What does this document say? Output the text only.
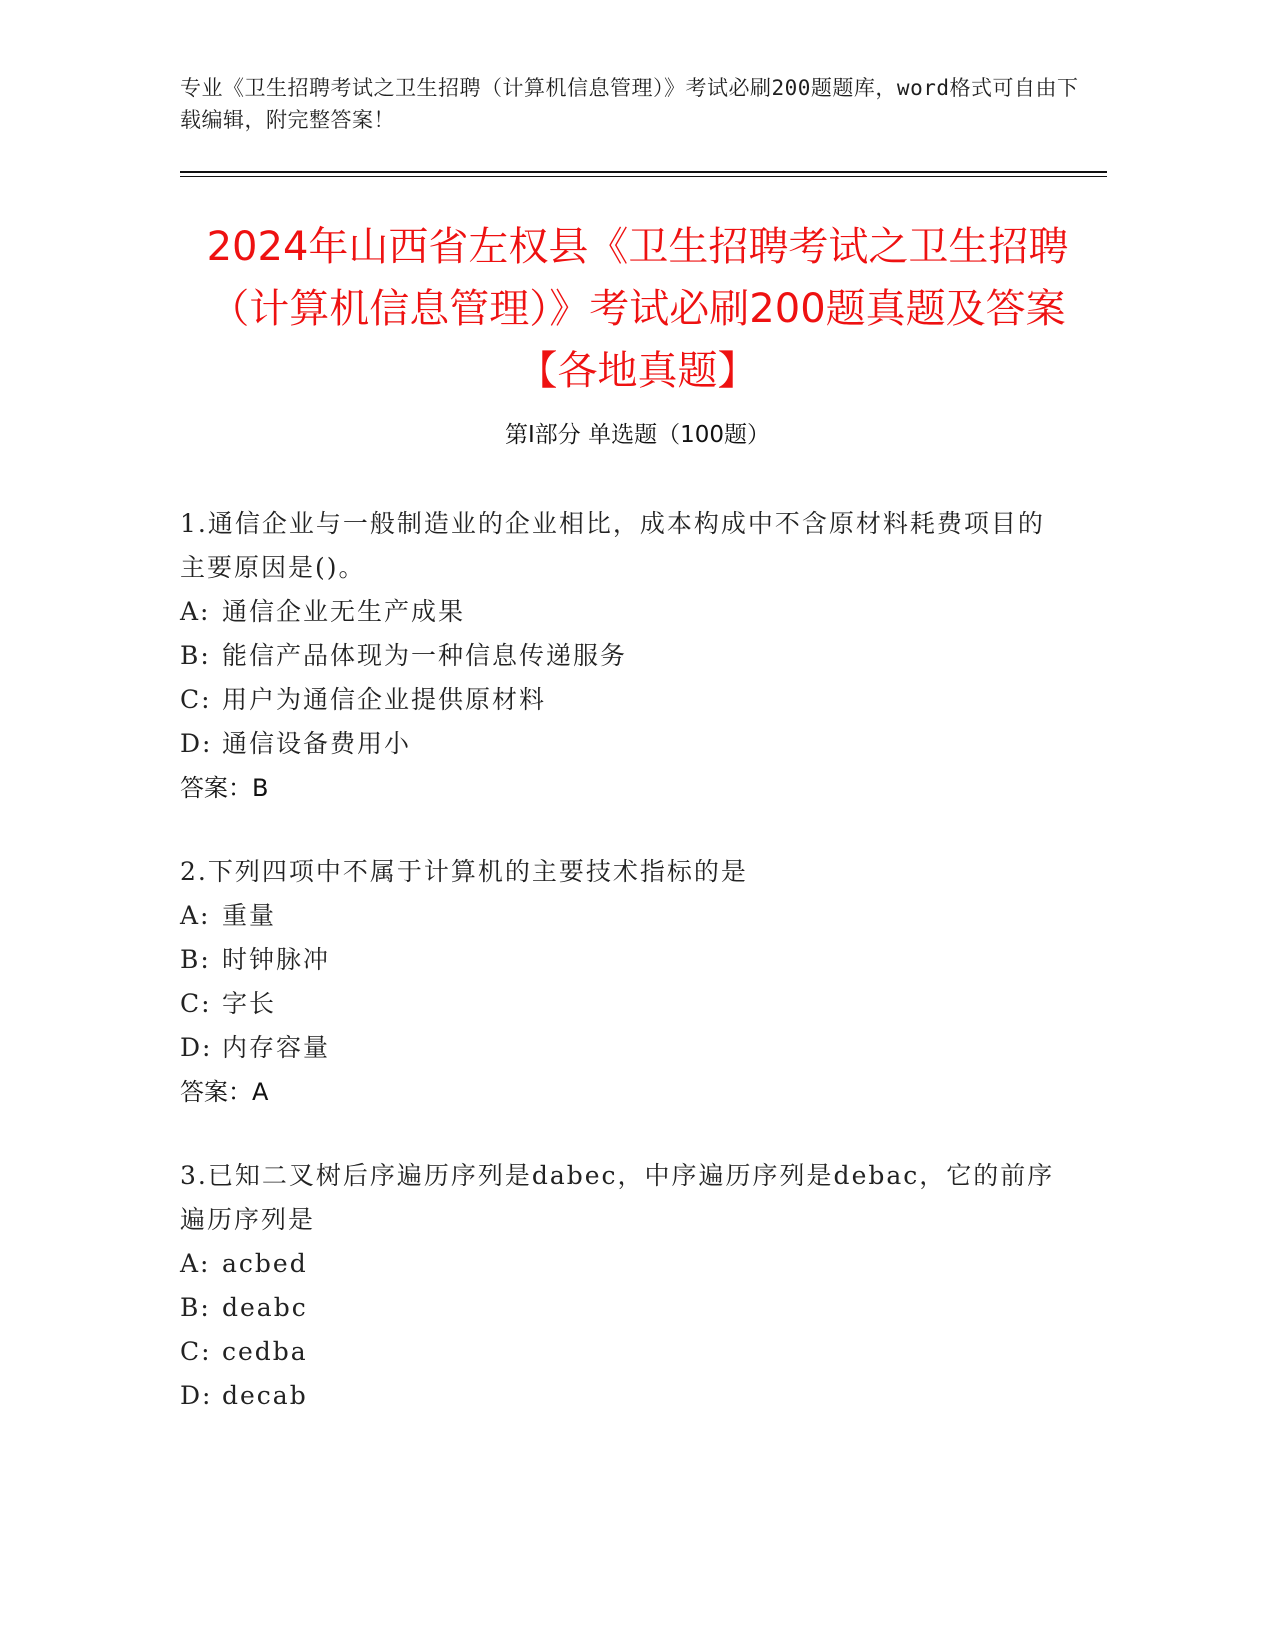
专业《卫生招聘考试之卫生招聘（计算机信息管理）》考试必刷200题题库，word格式可自由下载编辑，附完整答案！
2024年山西省左权县《卫生招聘考试之卫生招聘（计算机信息管理）》考试必刷200题真题及答案【各地真题】
第Ⅰ部分 单选题（100题）

1.通信企业与一般制造业的企业相比，成本构成中不含原材料耗费项目的主要原因是()。

A: 通信企业无生产成果

B: 能信产品体现为一种信息传递服务

C: 用户为通信企业提供原材料

D: 通信设备费用小

答案：B

2.下列四项中不属于计算机的主要技术指标的是

A: 重量

B: 时钟脉冲

C: 字长

D: 内存容量

答案：A

3.已知二叉树后序遍历序列是dabec，中序遍历序列是debac，它的前序遍历序列是

A: acbed

B: deabc

C: cedba

D: decab
